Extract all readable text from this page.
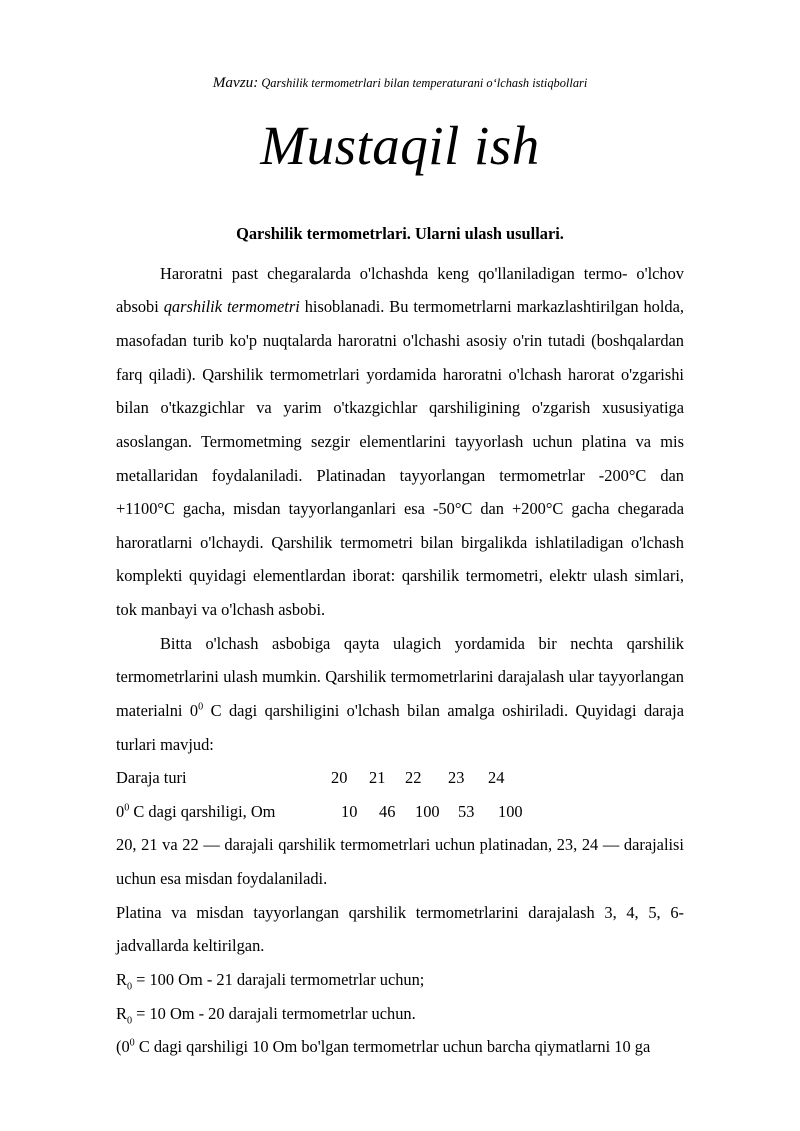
Mavzu: Qarshilik termometrlari bilan temperaturani o‘lchash istiqbollari
Mustaqil ish
Qarshilik termometrlari. Ularni ulash usullari.

Haroratni past chegaralarda o'lchashda keng qo'llaniladigan termo- o'lchov absobi qarshilik termometri hisoblanadi. Bu termometrlarni markazlashtirilgan holda, masofadan turib ko'p nuqtalarda haroratni o'lchashi asosiy o'rin tutadi (boshqalardan farq qiladi). Qarshilik termometrlari yordamida haroratni o'lchash harorat o'zgarishi bilan o'tkazgichlar va yarim o'tkazgichlar qarshiligining o'zgarish xususiyatiga asoslangan. Termometming sezgir elementlarini tayyorlash uchun platina va mis metallaridan foydalaniladi. Platinadan tayyorlangan termometrlar -200°C dan +1100°C gacha, misdan tayyorlanganlari esa -50°C dan +200°C gacha chegarada haroratlarni o'lchaydi. Qarshilik termometri bilan birgalikda ishlatiladigan o'lchash komplekti quyidagi elementlardan iborat: qarshilik termometri, elektr ulash simlari, tok manbayi va o'lchash asbobi.

Bitta o'lchash asbobiga qayta ulagich yordamida bir nechta qarshilik termometrlarini ulash mumkin. Qarshilik termometrlarini darajalash ular tayyorlangan materialni $0^0$ C dagi qarshiligini o'lchash bilan amalga oshiriladi. Quyidagi daraja turlari mavjud:

Daraja turi	20 21 22 23 24
$0^0$ C dagi qarshiligi, Om	10 46 100 53 100

20, 21 va 22 — darajali qarshilik termometrlari uchun platinadan, 23, 24 — darajalisi uchun esa misdan foydalaniladi.

Platina va misdan tayyorlangan qarshilik termometrlarini darajalash 3, 4, 5, 6-jadvallarda keltirilgan.

$R_0 = 100$ Om - 21 darajali termometrlar uchun;

$R_0 = 10$ Om - 20 darajali termometrlar uchun.

($0^0$ C dagi qarshiligi 10 Om bo'lgan termometrlar uchun barcha qiymatlarni 10 ga
